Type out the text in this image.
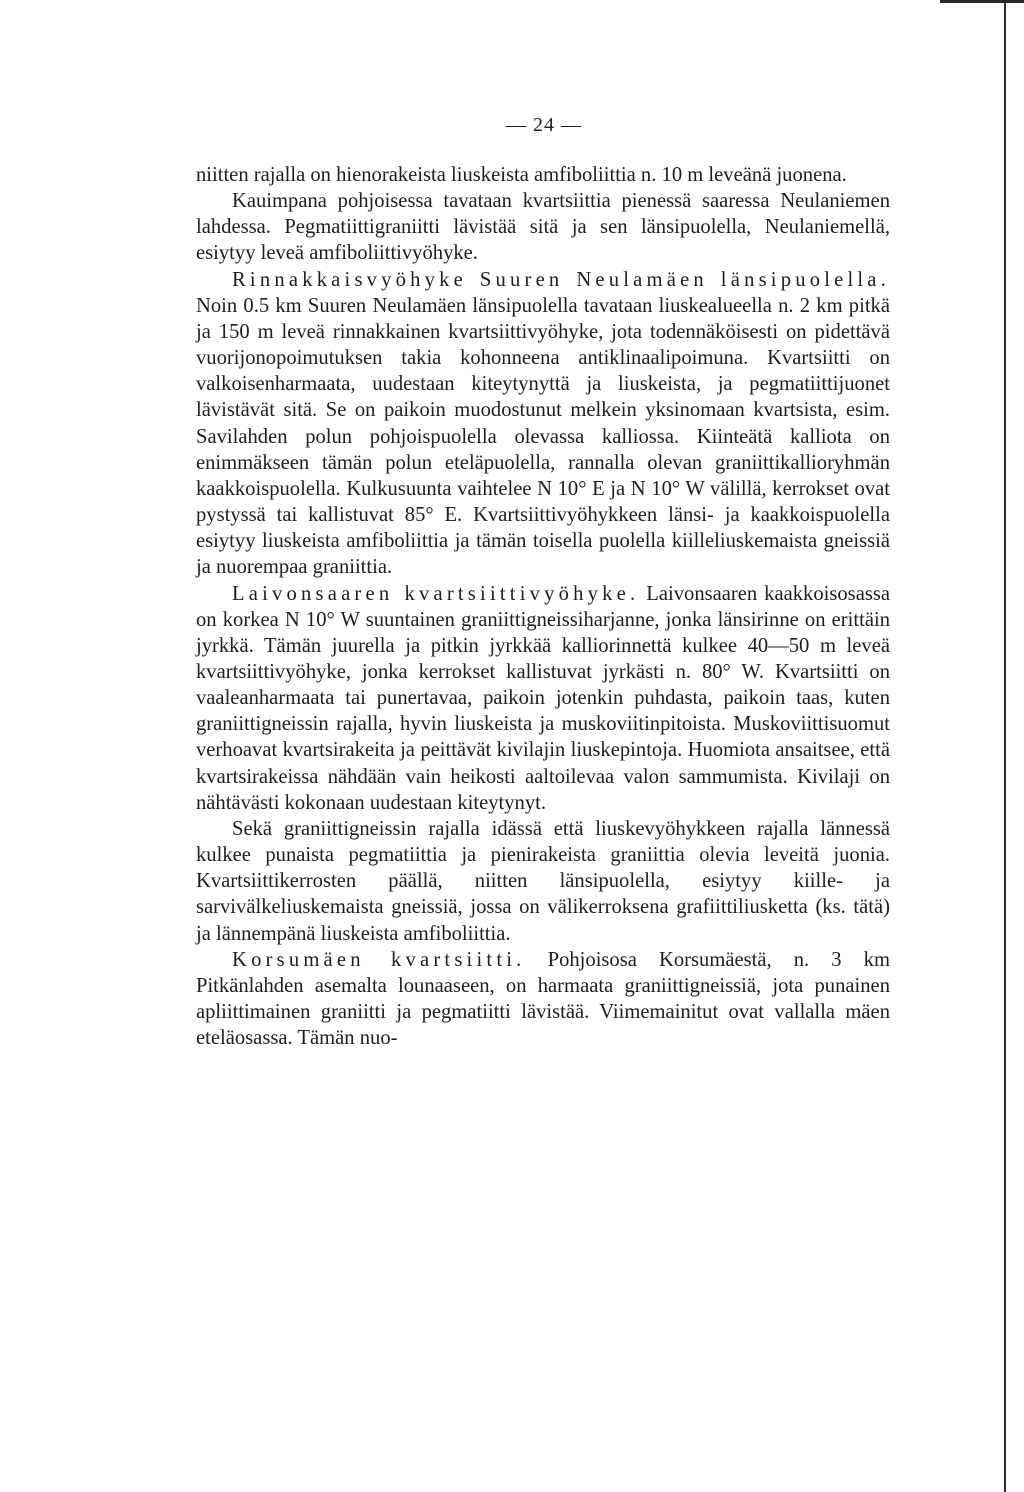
— 24 —

niitten rajalla on hienorakeista liuskeista amfiboliittia n. 10 m leveänä juonena.

Kauimpana pohjoisessa tavataan kvartsiittia pienessä saaressa Neulaniemen lahdessa. Pegmatiittigraniitti lävistää sitä ja sen länsipuolella, Neulaniemellä, esiytyy leveä amfiboliittivyöhyke.

Rinnakkaisvyöhyke Suuren Neulamäen länsipuolella. Noin 0.5 km Suuren Neulamäen länsipuolella tavataan liuskealueella n. 2 km pitkä ja 150 m leveä rinnakkainen kvartsiittivyöhyke, jota todennäköisesti on pidettävä vuorijonopoimutuksen takia kohonneena antiklinaalipoimuna. Kvartsiitti on valkoisenharmaata, uudestaan kiteytynyttä ja liuskeista, ja pegmatiittijuonet lävistävät sitä. Se on paikoin muodostunut melkein yksinomaan kvartsista, esim. Savilahden polun pohjoispuolella olevassa kalliossa. Kiinteätä kalliota on enimmäkseen tämän polun eteläpuolella, rannalla olevan graniittikallioryhmän kaakkoispuolella. Kulkusuunta vaihtelee N 10° E ja N 10° W välillä, kerrokset ovat pystyssä tai kallistuvat 85° E. Kvartsiittivyöhykkeen länsi- ja kaakkoispuolella esiytyy liuskeista amfiboliittia ja tämän toisella puolella kiilleliuskemaista gneissiä ja nuorempaa graniittia.

Laivonsaaren kvartsiittivyöhyke. Laivonsaaren kaakkoisosassa on korkea N 10° W suuntainen graniittigneissiharjanne, jonka länsirinne on erittäin jyrkkä. Tämän juurella ja pitkin jyrkkää kalliorinnettä kulkee 40—50 m leveä kvartsiittivyöhyke, jonka kerrokset kallistuvat jyrkästi n. 80° W. Kvartsiitti on vaaleanharmaata tai punertavaa, paikoin jotenkin puhdasta, paikoin taas, kuten graniittigneissin rajalla, hyvin liuskeista ja muskoviitinpitoista. Muskoviittisuomut verhoavat kvartsirakeita ja peittävät kivilajin liuskepintoja. Huomiota ansaitsee, että kvartsirakeissa nähdään vain heikosti aaltoilevaa valon sammumista. Kivilaji on nähtävästi kokonaan uudestaan kiteytynyt.

Sekä graniittigneissin rajalla idässä että liuskevyöhykkeen rajalla lännessä kulkee punaista pegmatiittia ja pienirakeista graniittia olevia leveitä juonia. Kvartsiittikerrosten päällä, niitten länsipuolella, esiytyy kiille- ja sarvivälkeliuskemaista gneissiä, jossa on välikerroksena grafiittiliusketta (ks. tätä) ja lännempänä liuskeista amfiboliittia.

Korsumäen kvartsiitti. Pohjoisosa Korsumäestä, n. 3 km Pitkänlahden asemalta lounaaseen, on harmaata graniittigneissiä, jota punainen apliittimainen graniitti ja pegmatiitti lävistää. Viimemainitut ovat vallalla mäen eteläosassa. Tämän nuo-
